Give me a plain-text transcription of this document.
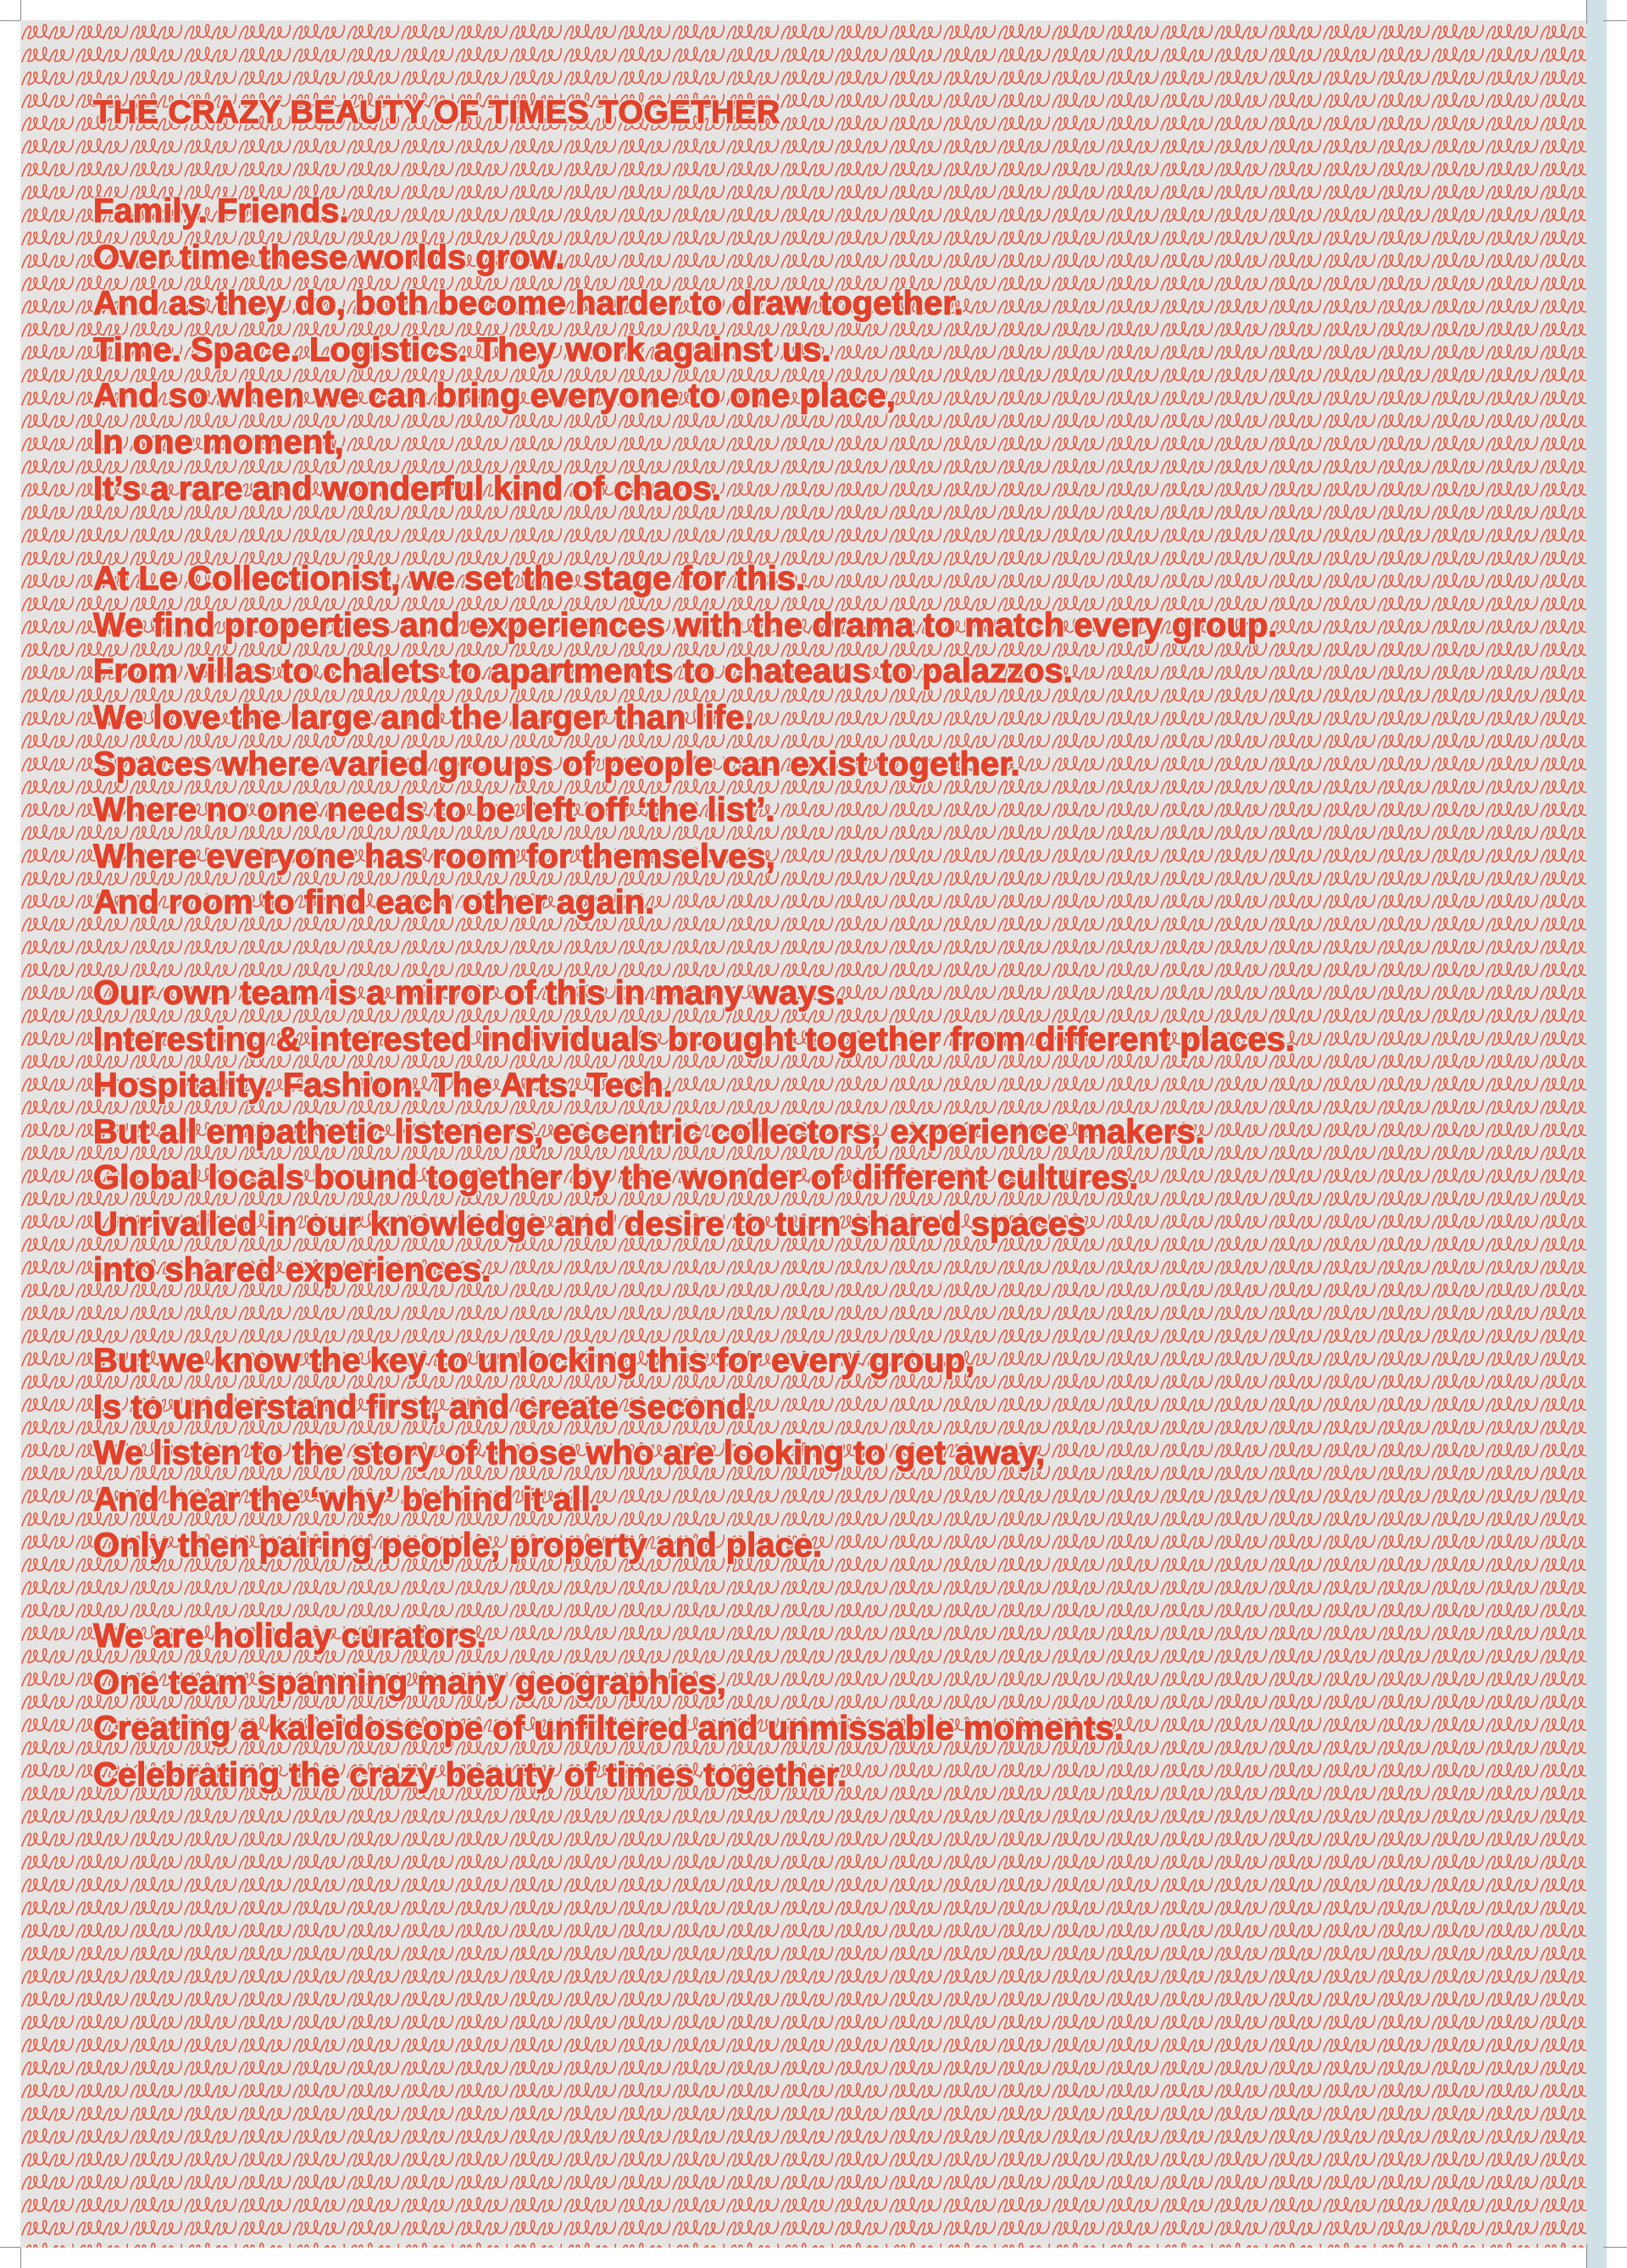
THE CRAZY BEAUTY OF TIMES TOGETHER
Family. Friends.
Over time these worlds grow.
And as they do, both become harder to draw together.
Time. Space. Logistics. They work against us.
And so when we can bring everyone to one place,
In one moment,
It’s a rare and wonderful kind of chaos.
At Le Collectionist, we set the stage for this.
We find properties and experiences with the drama to match every group.
From villas to chalets to apartments to chateaus to palazzos.
We love the large and the larger than life.
Spaces where varied groups of people can exist together.
Where no one needs to be left off ‘the list’.
Where everyone has room for themselves,
And room to find each other again.
Our own team is a mirror of this in many ways.
Interesting & interested individuals brought together from different places.
Hospitality. Fashion. The Arts. Tech.
But all empathetic listeners, eccentric collectors, experience makers.
Global locals bound together by the wonder of different cultures.
Unrivalled in our knowledge and desire to turn shared spaces
into shared experiences.
But we know the key to unlocking this for every group,
Is to understand first, and create second.
We listen to the story of those who are looking to get away,
And hear the ‘why’ behind it all.
Only then pairing people, property and place.
We are holiday curators.
One team spanning many geographies,
Creating a kaleidoscope of unfiltered and unmissable moments.
Celebrating the crazy beauty of times together.
